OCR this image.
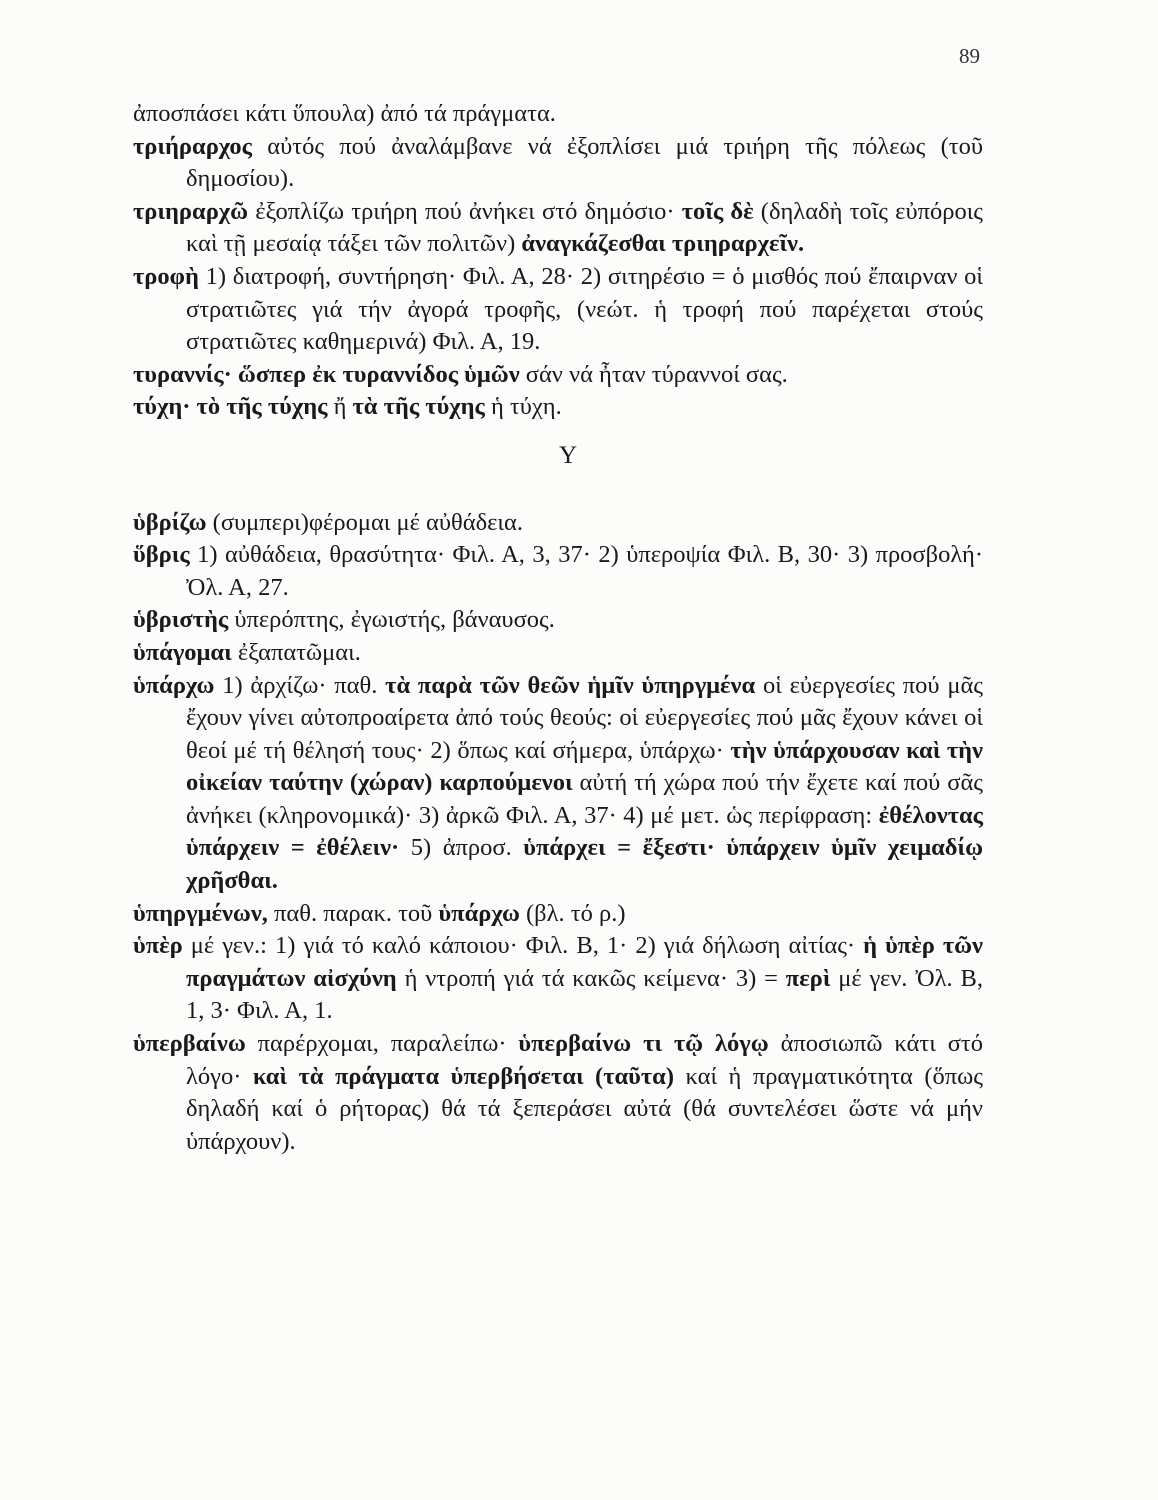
89

ἀποσπάσει κάτι ὕπουλα) ἀπό τά πράγματα.

τριήραρχος αὐτός πού ἀναλάμβανε νά ἐξοπλίσει μιά τριήρη τῆς πόλεως (τοῦ δημοσίου).

τριηραρχῶ ἐξοπλίζω τριήρη πού ἀνήκει στό δημόσιο· τοῖς δὲ (δηλαδὴ τοῖς εὐπόροις καὶ τῇ μεσαίᾳ τάξει τῶν πολιτῶν) ἀναγκάζεσθαι τριηραρχεῖν.

τροφὴ 1) διατροφή, συντήρηση· Φιλ. Α, 28· 2) σιτηρέσιο = ὁ μισθός πού ἔπαιρναν οἱ στρατιῶτες γιά τήν ἀγορά τροφῆς, (νεώτ. ἡ τροφή πού παρέχεται στούς στρατιῶτες καθημερινά) Φιλ. Α, 19.

τυραννίς· ὥσπερ ἐκ τυραννίδος ὑμῶν σάν νά ἦταν τύραννοί σας.

τύχη· τὸ τῆς τύχης ἤ τὰ τῆς τύχης ἡ τύχη.

Y

ὑβρίζω (συμπερι)φέρομαι μέ αὐθάδεια.

ὕβρις 1) αὐθάδεια, θρασύτητα· Φιλ. Α, 3, 37· 2) ὑπεροψία Φιλ. Β, 30· 3) προσβολή· Ὀλ. Α, 27.

ὑβριστὴς ὑπερόπτης, ἐγωιστής, βάναυσος.

ὑπάγομαι ἐξαπατῶμαι.

ὑπάρχω 1) ἀρχίζω· παθ. τὰ παρὰ τῶν θεῶν ἡμῖν ὑπηργμένα οἱ εὐεργεσίες πού μᾶς ἔχουν γίνει αὐτοπροαίρετα ἀπό τούς θεούς: οἱ εὐεργεσίες πού μᾶς ἔχουν κάνει οἱ θεοί μέ τή θέλησή τους· 2) ὅπως καί σήμερα, ὑπάρχω· τὴν ὑπάρχουσαν καὶ τὴν οἰκείαν ταύτην (χώραν) καρπούμενοι αὐτή τή χώρα πού τήν ἔχετε καί πού σᾶς ἀνήκει (κληρονομικά)· 3) ἀρκῶ Φιλ. Α, 37· 4) μέ μετ. ὡς περίφραση: ἐθέλοντας ὑπάρχειν = ἐθέλειν· 5) ἀπροσ. ὑπάρχει = ἔξεστι· ὑπάρχειν ὑμῖν χειμαδίῳ χρῆσθαι.

ὑπηργμένων, παθ. παρακ. τοῦ ὑπάρχω (βλ. τό ρ.)

ὑπὲρ μέ γεν.: 1) γιά τό καλό κάποιου· Φιλ. Β, 1· 2) γιά δήλωση αἰτίας· ἡ ὑπὲρ τῶν πραγμάτων αἰσχύνη ἡ ντροπή γιά τά κακῶς κείμενα· 3) = περὶ μέ γεν. Ὀλ. Β, 1, 3· Φιλ. Α, 1.

ὑπερβαίνω παρέρχομαι, παραλείπω· ὑπερβαίνω τι τῷ λόγῳ ἀποσιωπῶ κάτι στό λόγο· καὶ τὰ πράγματα ὑπερβήσεται (ταῦτα) καί ἡ πραγματικότητα (ὅπως δηλαδή καί ὁ ρήτορας) θά τά ξεπεράσει αὐτά (θά συντελέσει ὥστε νά μήν ὑπάρχουν).
